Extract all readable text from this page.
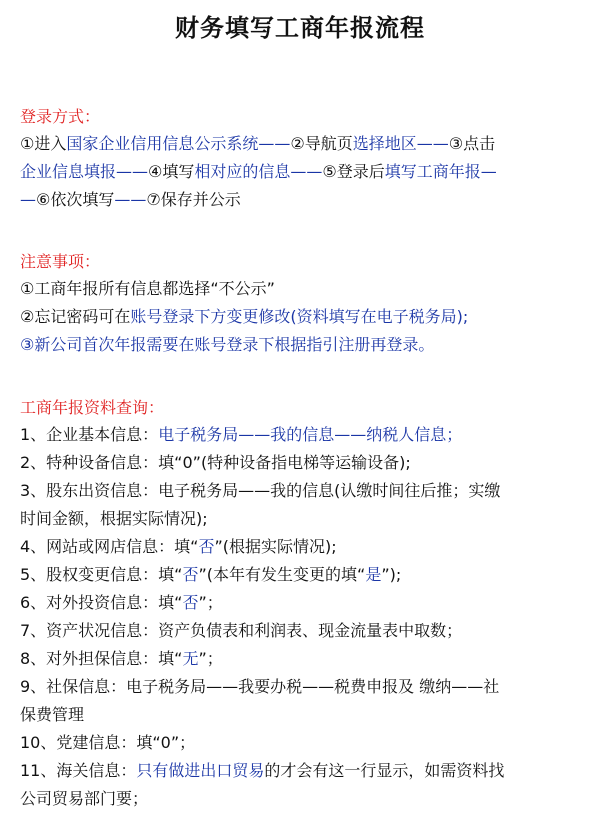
财务填写工商年报流程
登录方式：
①进入国家企业信用信息公示系统——②导航页选择地区——③点击
企业信息填报——④填写相对应的信息——⑤登录后填写工商年报—
—⑥依次填写——⑦保存并公示
注意事项：
①工商年报所有信息都选择“不公示”
②忘记密码可在账号登录下方变更修改(资料填写在电子税务局);
③新公司首次年报需要在账号登录下根据指引注册再登录。
工商年报资料查询：
1、企业基本信息：电子税务局——我的信息——纳税人信息；
2、特种设备信息：填“0”(特种设备指电梯等运输设备);
3、股东出资信息：电子税务局——我的信息(认缴时间往后推；实缴
时间金额，根据实际情况);
4、网站或网店信息：填“否”(根据实际情况);
5、股权变更信息：填“否”(本年有发生变更的填“是”);
6、对外投资信息：填“否”；
7、资产状况信息：资产负债表和利润表、现金流量表中取数；
8、对外担保信息：填“无”；
9、社保信息：电子税务局——我要办税——税费申报及 缴纳——社
保费管理
10、党建信息：填“0”；
11、海关信息：只有做进出口贸易的才会有这一行显示，如需资料找
公司贸易部门要；
